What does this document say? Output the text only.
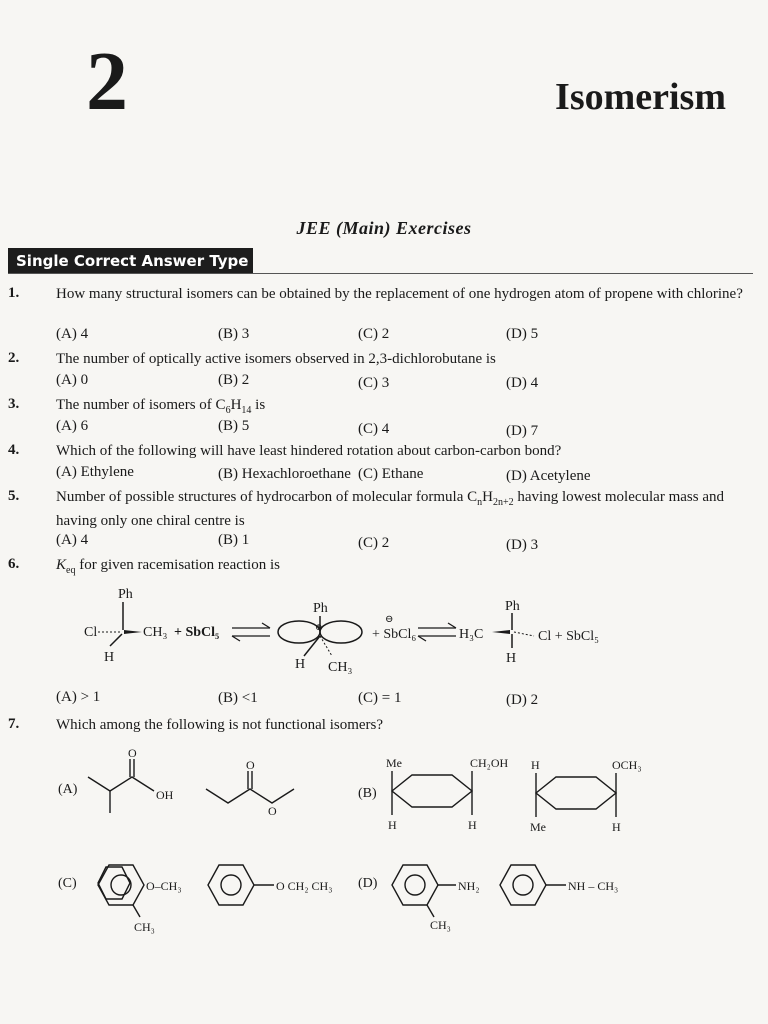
2	Isomerism
JEE (Main) Exercises
Single Correct Answer Type
1. How many structural isomers can be obtained by the replacement of one hydrogen atom of propene with chlorine?
(A) 4	(B) 3	(C) 2	(D) 5
2. The number of optically active isomers observed in 2,3-dichlorobutane is
(A) 0	(B) 2	(C) 3	(D) 4
3. The number of isomers of $C_6H_{14}$ is
(A) 6	(B) 5	(C) 4	(D) 7
4. Which of the following will have least hindered rotation about carbon-carbon bond?
(A) Ethylene	(B) Hexachloroethane (C) Ethane	(D) Acetylene
5. Number of possible structures of hydrocarbon of molecular formula $C_nH_{2n+2}$ having lowest molecular mass and having only one chiral centre is
(A) 4	(B) 1	(C) 2	(D) 3
6. $K_{eq}$ for given racemisation reaction is
Ph
Cl	CH₃
H
+ SbCl₅
Ph
⊕
H CH₃
+ SbCl₆
⊖
Ph
H₃C	Cl + SbCl₅
H
(A) > 1	(B) <1	(C) = 1	(D) 2
7. Which among the following is not functional isomers?
(A)
O
OH
O
O
(B)
Me
H
CH₂OH
H
H
Me
OCH₃
H
(C)	O–CH₃
CH₃
O CH₂ CH₃ (D)	NH₂
CH₃
NH – CH₃
